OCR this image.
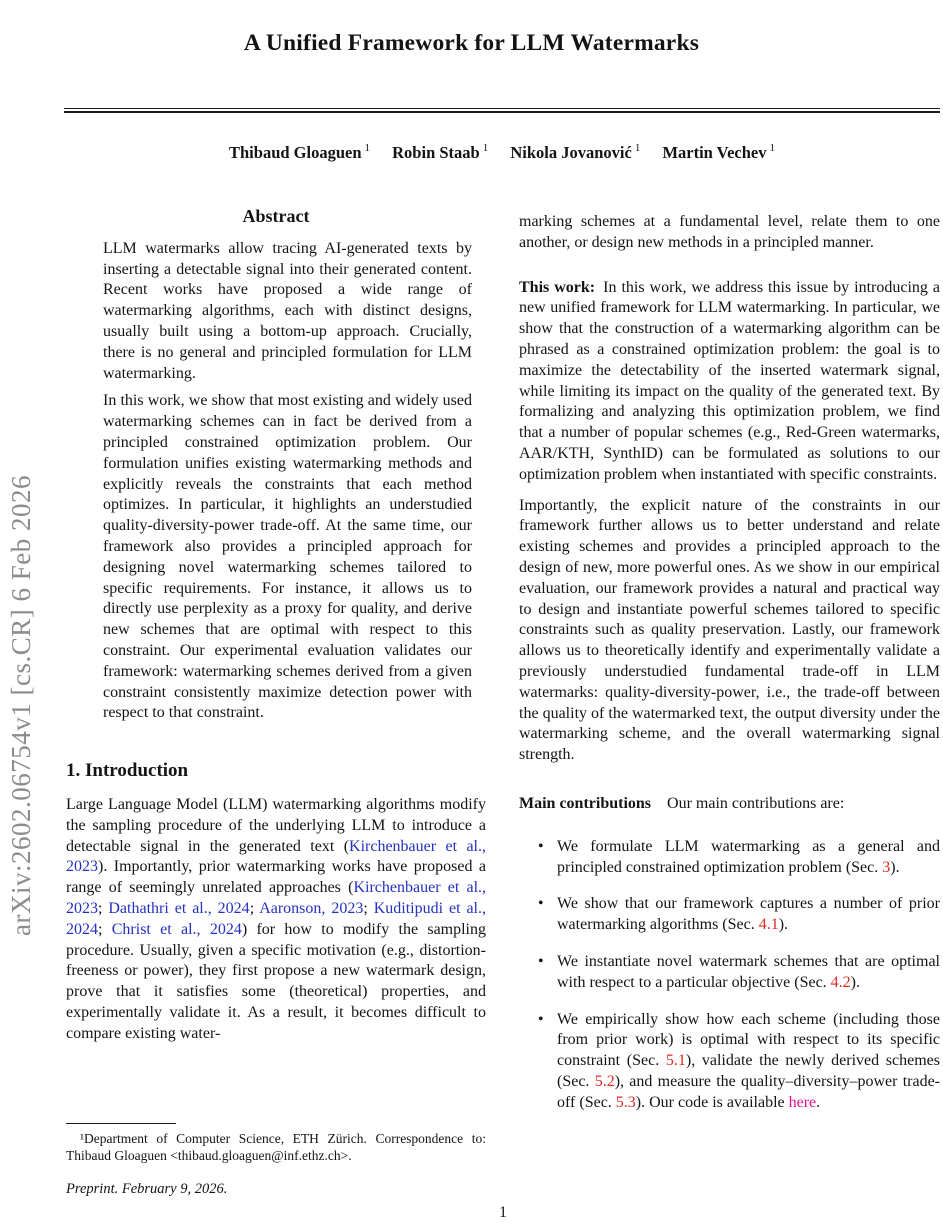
arXiv:2602.06754v1 [cs.CR] 6 Feb 2026
A Unified Framework for LLM Watermarks
Thibaud Gloaguen $^1$ Robin Staab $^1$ Nikola Jovanović $^1$ Martin Vechev $^1$
Abstract

LLM watermarks allow tracing AI-generated texts by inserting a detectable signal into their generated content. Recent works have proposed a wide range of watermarking algorithms, each with distinct designs, usually built using a bottom-up approach. Crucially, there is no general and principled formulation for LLM watermarking.

In this work, we show that most existing and widely used watermarking schemes can in fact be derived from a principled constrained optimization problem. Our formulation unifies existing watermarking methods and explicitly reveals the constraints that each method optimizes. In particular, it highlights an understudied quality-diversity-power trade-off. At the same time, our framework also provides a principled approach for designing novel watermarking schemes tailored to specific requirements. For instance, it allows us to directly use perplexity as a proxy for quality, and derive new schemes that are optimal with respect to this constraint. Our experimental evaluation validates our framework: watermarking schemes derived from a given constraint consistently maximize detection power with respect to that constraint.

1. Introduction

Large Language Model (LLM) watermarking algorithms modify the sampling procedure of the underlying LLM to introduce a detectable signal in the generated text (Kirchenbauer et al., 2023). Importantly, prior watermarking works have proposed a range of seemingly unrelated approaches (Kirchenbauer et al., 2023; Dathathri et al., 2024; Aaronson, 2023; Kuditipudi et al., 2024; Christ et al., 2024) for how to modify the sampling procedure. Usually, given a specific motivation (e.g., distortion-freeness or power), they first propose a new watermark design, prove that it satisfies some (theoretical) properties, and experimentally validate it. As a result, it becomes difficult to compare existing water-

¹Department of Computer Science, ETH Zürich. Correspondence to: Thibaud Gloaguen <thibaud.gloaguen@inf.ethz.ch>.

Preprint. February 9, 2026.

marking schemes at a fundamental level, relate them to one another, or design new methods in a principled manner.

This work: In this work, we address this issue by introducing a new unified framework for LLM watermarking. In particular, we show that the construction of a watermarking algorithm can be phrased as a constrained optimization problem: the goal is to maximize the detectability of the inserted watermark signal, while limiting its impact on the quality of the generated text. By formalizing and analyzing this optimization problem, we find that a number of popular schemes (e.g., Red-Green watermarks, AAR/KTH, SynthID) can be formulated as solutions to our optimization problem when instantiated with specific constraints.

Importantly, the explicit nature of the constraints in our framework further allows us to better understand and relate existing schemes and provides a principled approach to the design of new, more powerful ones. As we show in our empirical evaluation, our framework provides a natural and practical way to design and instantiate powerful schemes tailored to specific constraints such as quality preservation. Lastly, our framework allows us to theoretically identify and experimentally validate a previously understudied fundamental trade-off in LLM watermarks: quality-diversity-power, i.e., the trade-off between the quality of the watermarked text, the output diversity under the watermarking scheme, and the overall watermarking signal strength.

Main contributions Our main contributions are:

• We formulate LLM watermarking as a general and principled constrained optimization problem (Sec. 3).
• We show that our framework captures a number of prior watermarking algorithms (Sec. 4.1).
• We instantiate novel watermark schemes that are optimal with respect to a particular objective (Sec. 4.2).
• We empirically show how each scheme (including those from prior work) is optimal with respect to its specific constraint (Sec. 5.1), validate the newly derived schemes (Sec. 5.2), and measure the quality–diversity–power trade-off (Sec. 5.3). Our code is available here.
1
